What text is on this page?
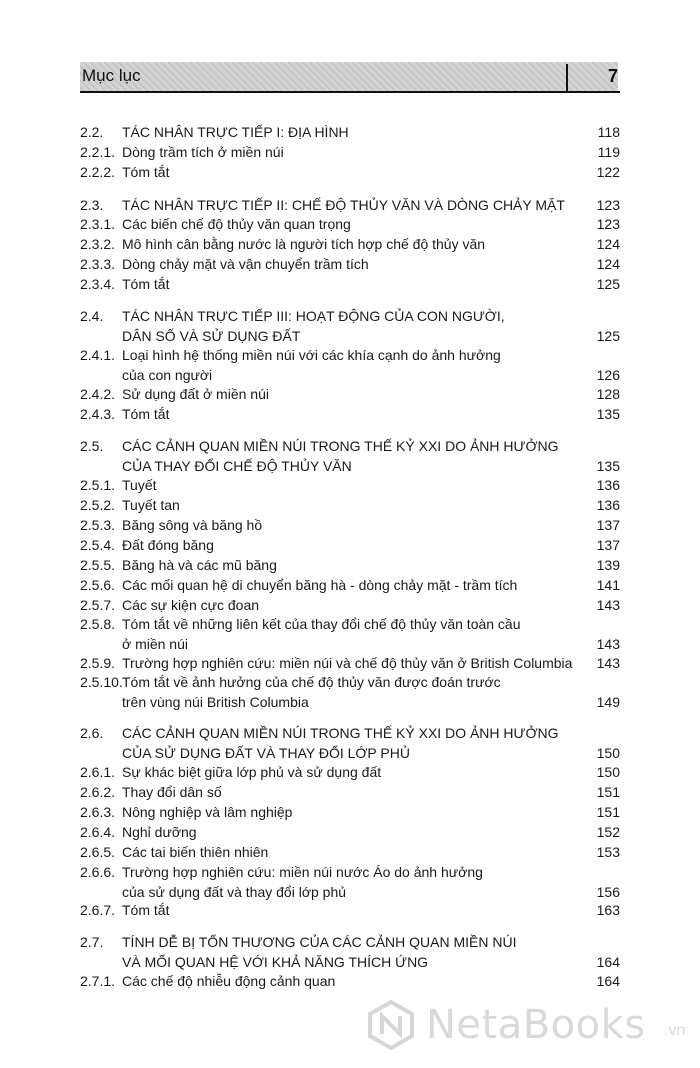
Mục lục	7
2.2. TÁC NHÂN TRỰC TIẾP I: ĐỊA HÌNH	118
2.2.1. Dòng trầm tích ở miền núi	119
2.2.2. Tóm tắt	122
2.3. TÁC NHÂN TRỰC TIẾP II: CHẾ ĐỘ THỦY VĂN VÀ DÒNG CHẢY MẶT	123
2.3.1. Các biến chế độ thủy văn quan trọng	123
2.3.2. Mô hình cân bằng nước là người tích hợp chế độ thủy văn	124
2.3.3. Dòng chảy mặt và vận chuyển trầm tích	124
2.3.4. Tóm tắt	125
2.4. TÁC NHÂN TRỰC TIẾP III: HOẠT ĐỘNG CỦA CON NGƯỜI,
DÂN SỐ VÀ SỬ DỤNG ĐẤT	125
2.4.1. Loại hình hệ thống miền núi với các khía cạnh do ảnh hưởng
của con người	126
2.4.2. Sử dụng đất ở miền núi	128
2.4.3. Tóm tắt	135
2.5. CÁC CẢNH QUAN MIỀN NÚI TRONG THẾ KỶ XXI DO ẢNH HƯỞNG
CỦA THAY ĐỔI CHẾ ĐỘ THỦY VĂN	135
2.5.1. Tuyết	136
2.5.2. Tuyết tan	136
2.5.3. Băng sông và băng hồ	137
2.5.4. Đất đóng băng	137
2.5.5. Băng hà và các mũ băng	139
2.5.6. Các mối quan hệ di chuyển băng hà - dòng chảy mặt - trầm tích	141
2.5.7. Các sự kiện cực đoan	143
2.5.8. Tóm tắt về những liên kết của thay đổi chế độ thủy văn toàn cầu
ở miền núi	143
2.5.9. Trường hợp nghiên cứu: miền núi và chế độ thủy văn ở British Columbia	143
2.5.10. Tóm tắt về ảnh hưởng của chế độ thủy văn được đoán trước
trên vùng núi British Columbia	149
2.6. CÁC CẢNH QUAN MIỀN NÚI TRONG THẾ KỶ XXI DO ẢNH HƯỞNG
CỦA SỬ DỤNG ĐẤT VÀ THAY ĐỔI LỚP PHỦ	150
2.6.1. Sự khác biệt giữa lớp phủ và sử dụng đất	150
2.6.2. Thay đổi dân số	151
2.6.3. Nông nghiệp và lâm nghiệp	151
2.6.4. Nghỉ dưỡng	152
2.6.5. Các tai biến thiên nhiên	153
2.6.6. Trường hợp nghiên cứu: miền núi nước Áo do ảnh hưởng
của sử dụng đất và thay đổi lớp phủ	156
2.6.7. Tóm tắt	163
2.7. TÍNH DỄ BỊ TỔN THƯƠNG CỦA CÁC CẢNH QUAN MIỀN NÚI
VÀ MỐI QUAN HỆ VỚI KHẢ NĂNG THÍCH ỨNG	164
2.7.1. Các chế độ nhiễu động cảnh quan	164
NetaBooks .vn
